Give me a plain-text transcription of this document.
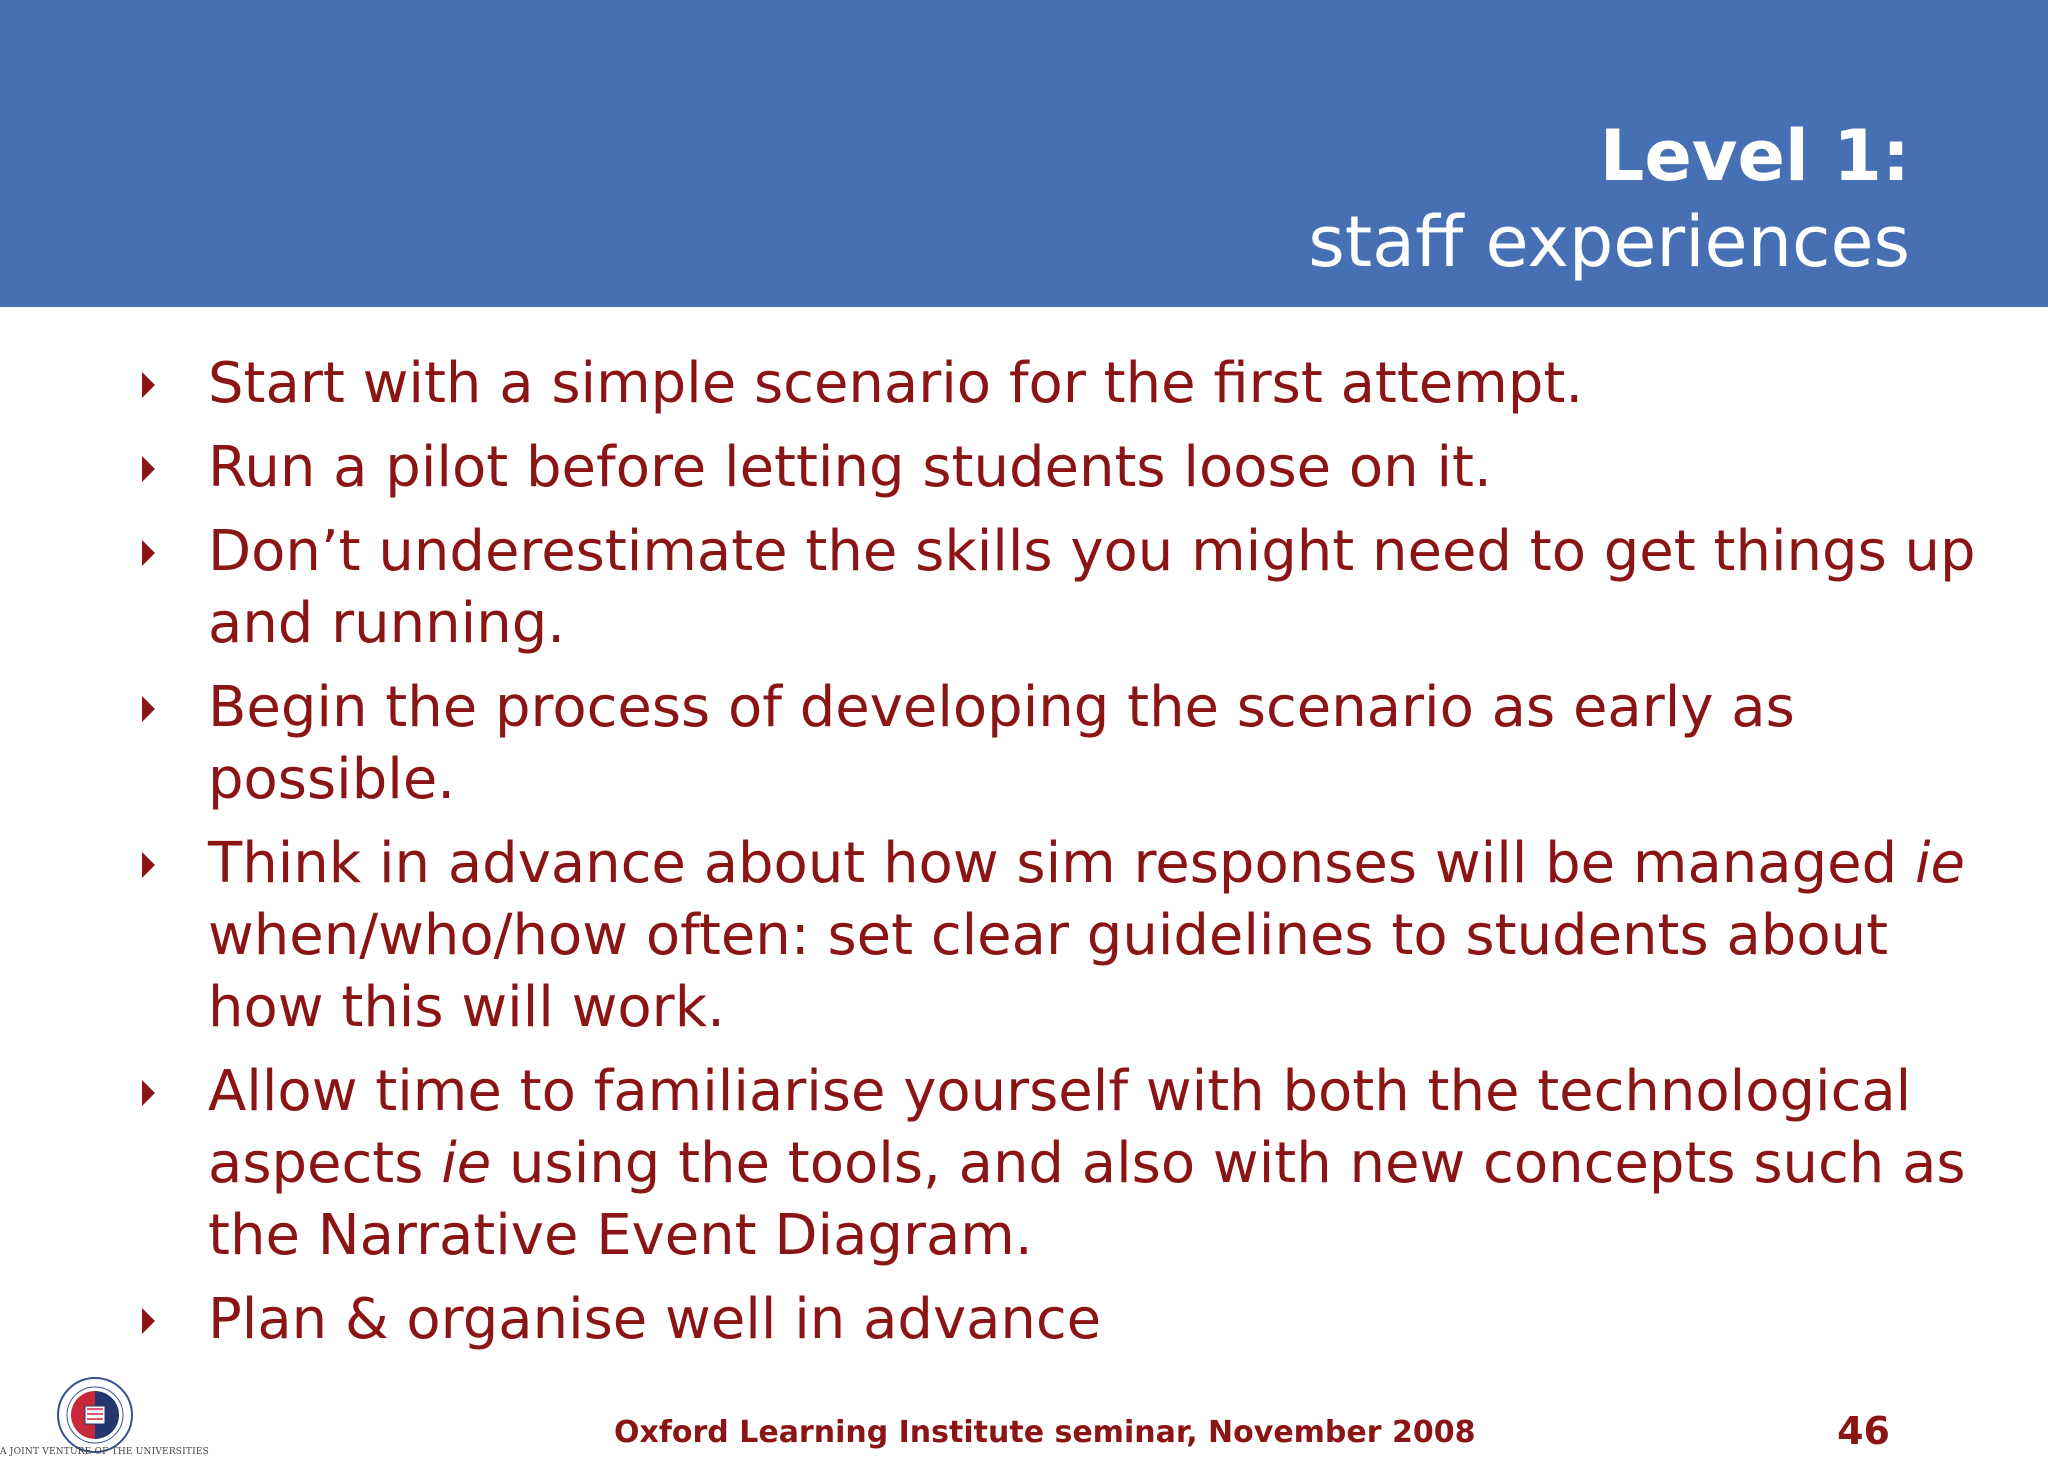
Level 1:
staff experiences
Start with a simple scenario for the first attempt.
Run a pilot before letting students loose on it.
Don’t underestimate the skills you might need to get things up and running.
Begin the process of developing the scenario as early as possible.
Think in advance about how sim responses will be managed ie when/who/how often: set clear guidelines to students about how this will work.
Allow time to familiarise yourself with both the technological aspects ie using the tools, and also with new concepts such as the Narrative Event Diagram.
Plan & organise well in advance
A JOINT VENTURE OF THE UNIVERSITIES
Oxford Learning Institute seminar, November 2008	46
